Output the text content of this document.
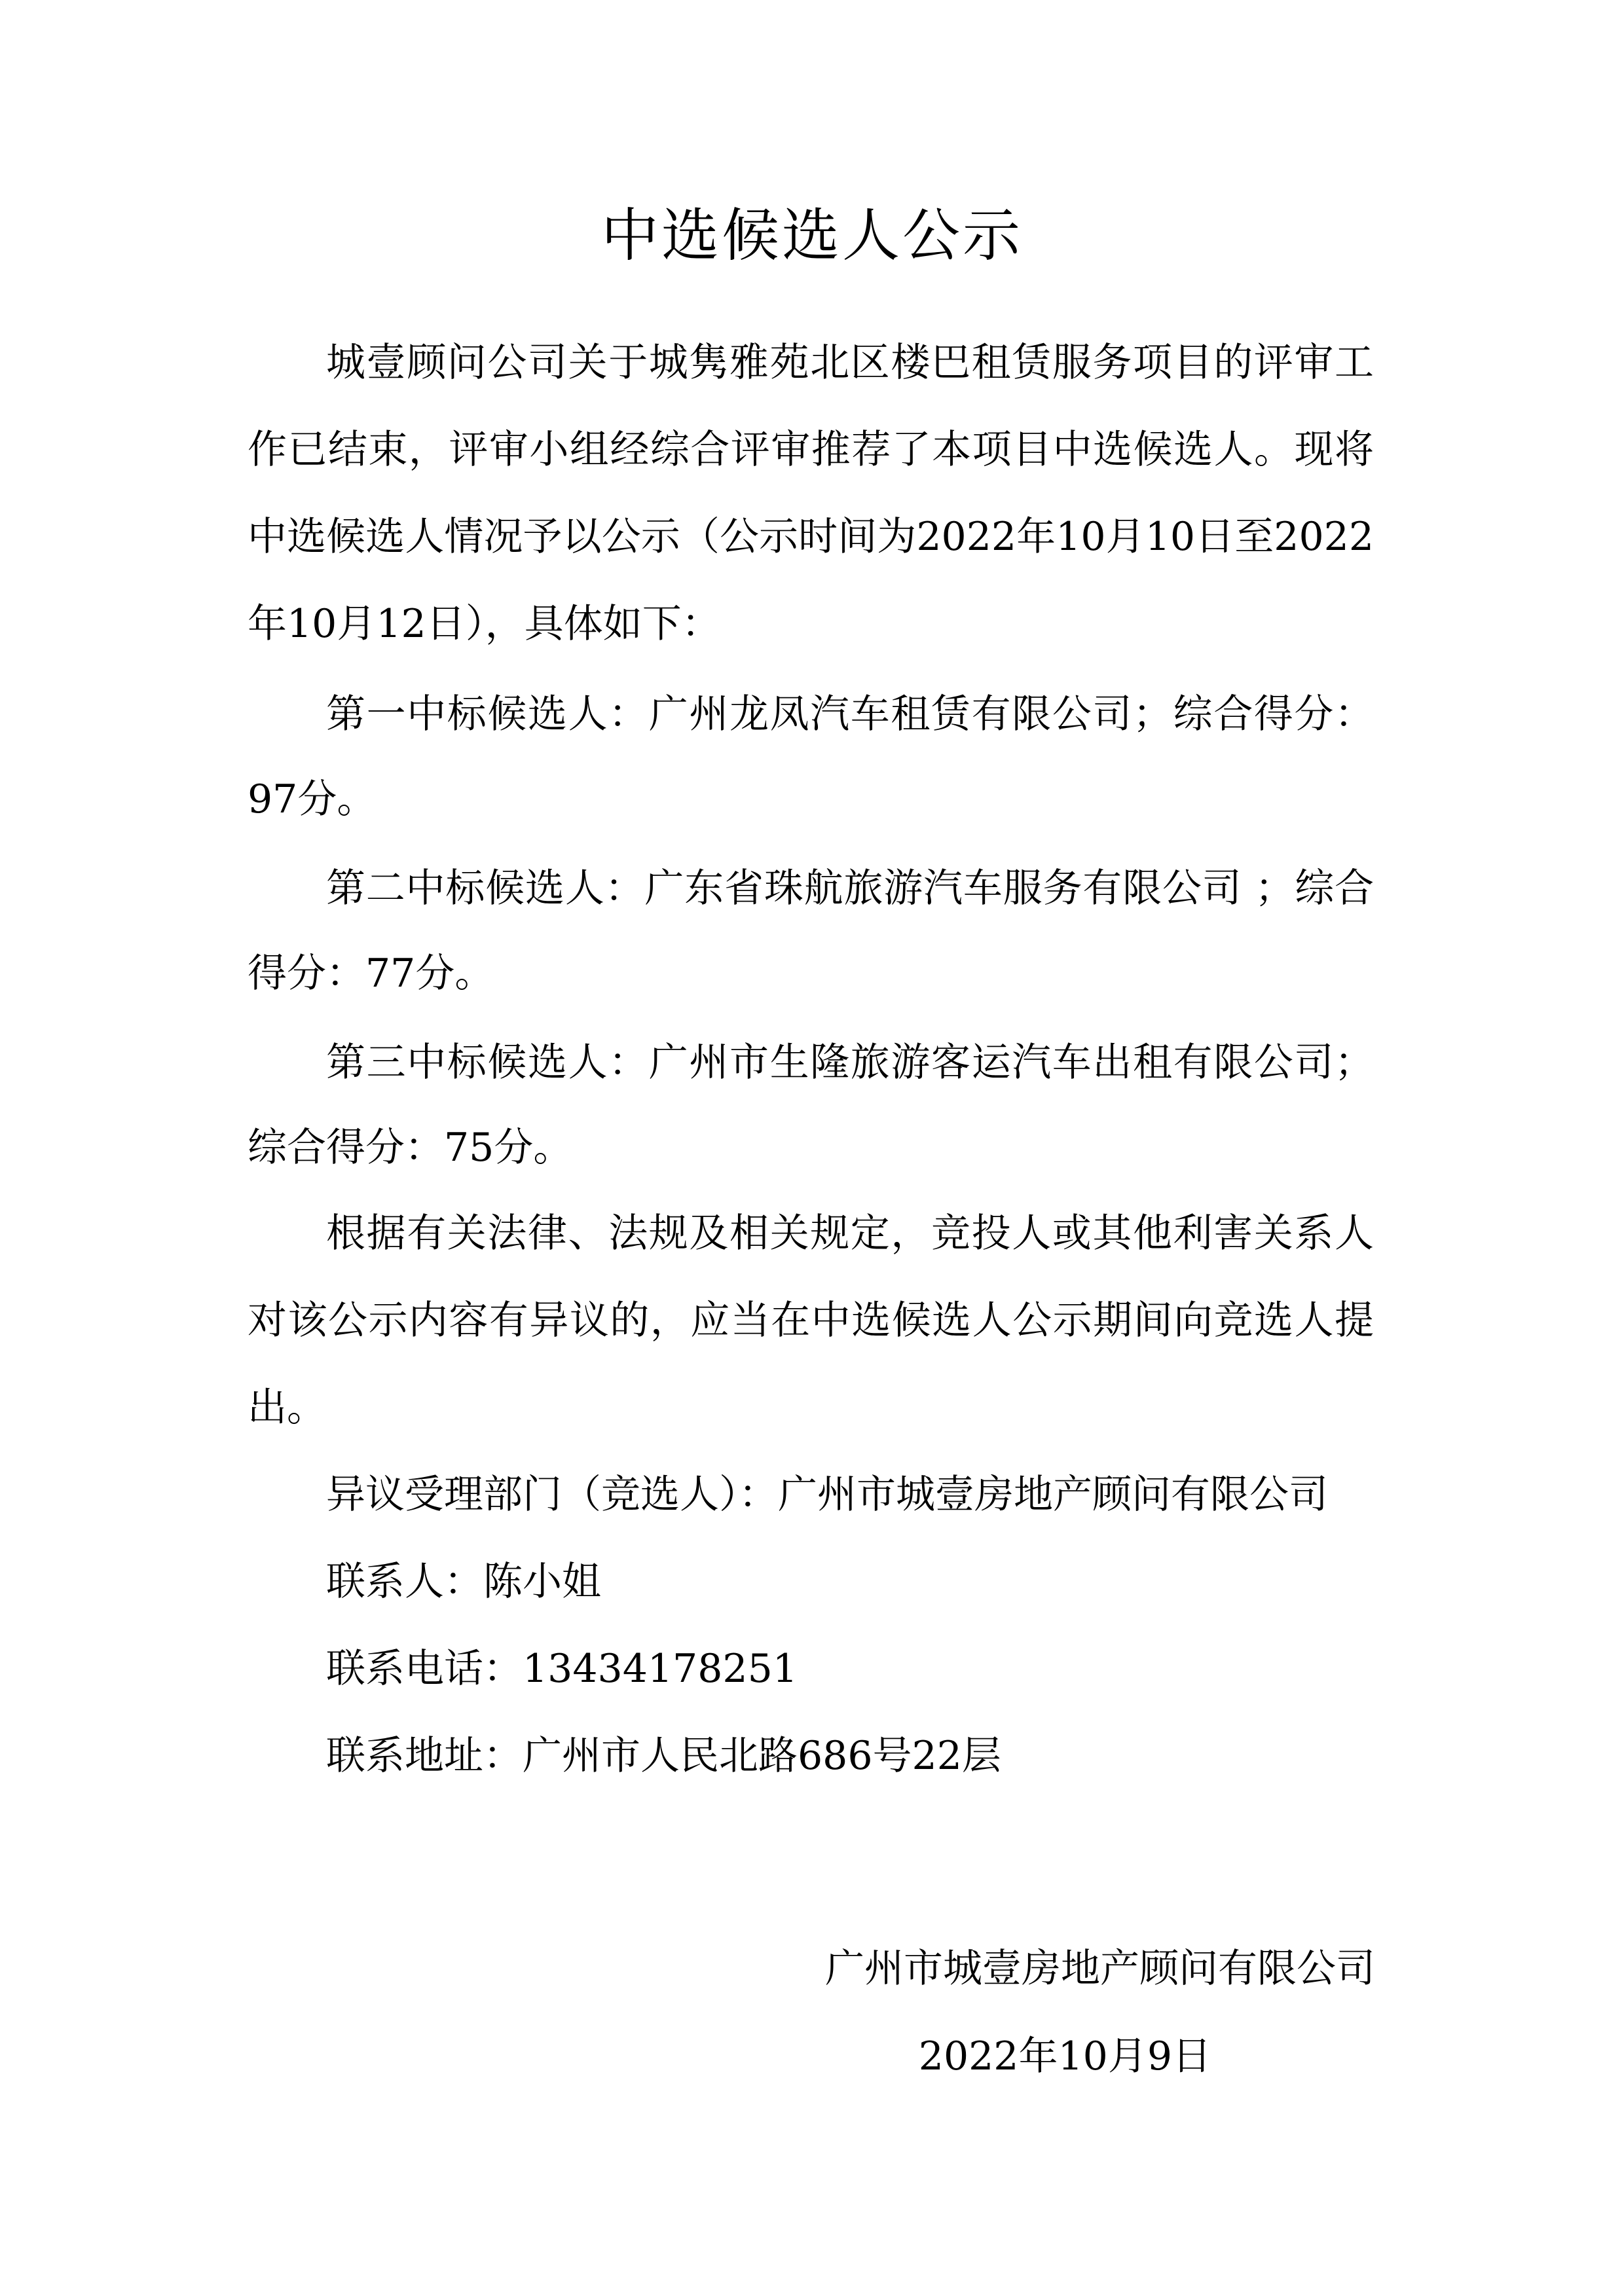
中选候选人公示

城壹顾问公司关于城隽雅苑北区楼巴租赁服务项目的评审工作已结束，评审小组经综合评审推荐了本项目中选候选人。现将中选候选人情况予以公示（公示时间为2022年10月10日至2022年10月12日），具体如下：

第一中标候选人：广州龙凤汽车租赁有限公司；综合得分：97分。

第二中标候选人：广东省珠航旅游汽车服务有限公司 ；综合得分：77分。

第三中标候选人：广州市生隆旅游客运汽车出租有限公司；综合得分：75分。

根据有关法律、法规及相关规定，竞投人或其他利害关系人对该公示内容有异议的，应当在中选候选人公示期间向竞选人提出。

异议受理部门（竞选人）：广州市城壹房地产顾问有限公司

联系人：陈小姐

联系电话：13434178251

联系地址：广州市人民北路686号22层

广州市城壹房地产顾问有限公司
2022年10月9日
